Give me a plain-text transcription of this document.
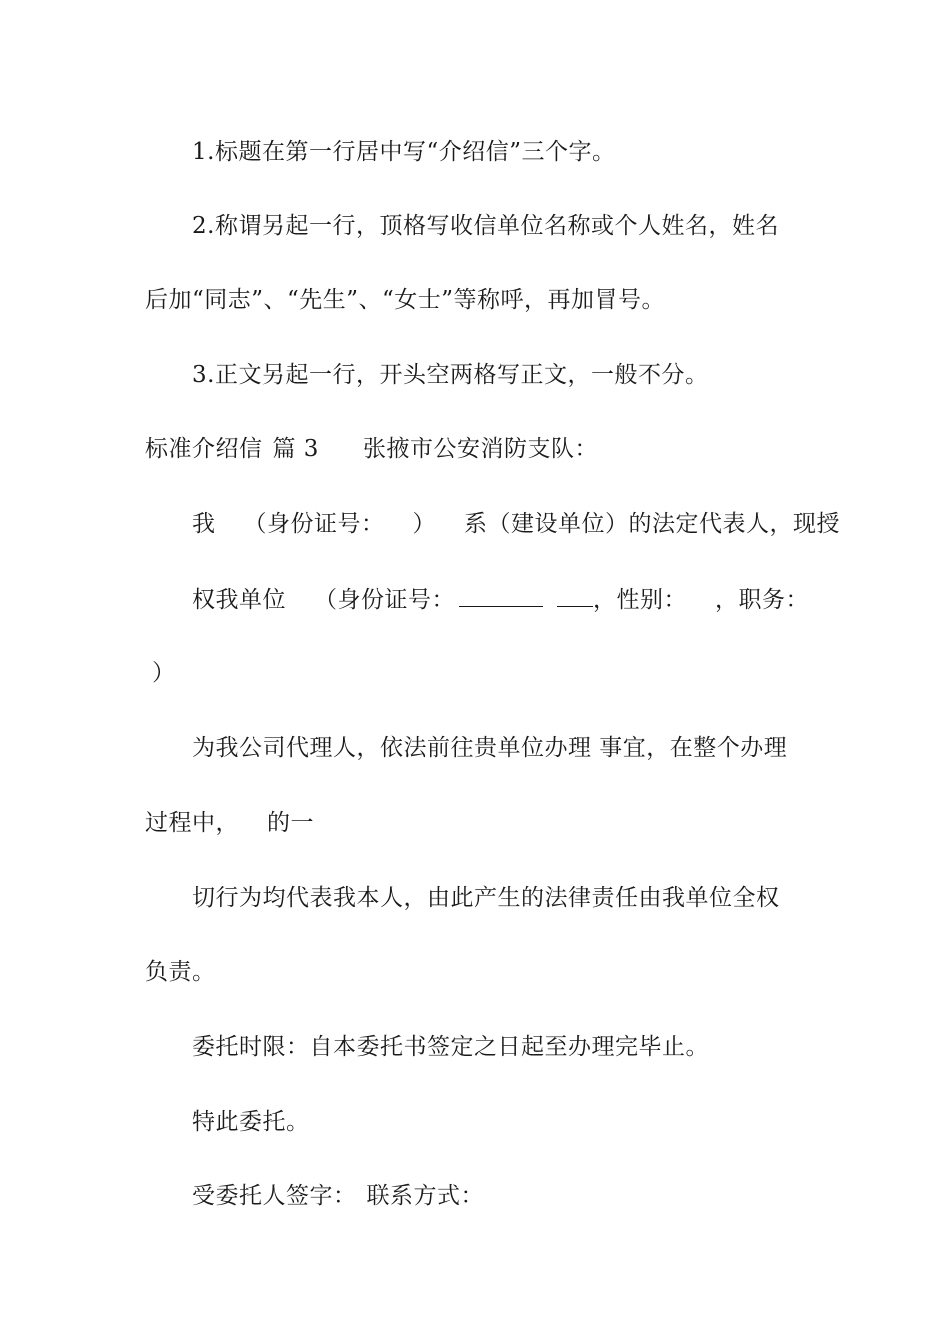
1.标题在第一行居中写“介绍信”三个字。
2.称谓另起一行，顶格写收信单位名称或个人姓名，姓名
后加“同志”、“先生”、“女士”等称呼，再加冒号。
3.正文另起一行，开头空两格写正文，一般不分。
标准介绍信 篇 3 张掖市公安消防支队：
我 （身份证号： ） 系（建设单位）的法定代表人，现授
权我单位 （身份证号：	，性别： ，职务：
）
为我公司代理人，依法前往贵单位办理 事宜，在整个办理
过程中， 的一
切行为均代表我本人，由此产生的法律责任由我单位全权
负责。
委托时限：自本委托书签定之日起至办理完毕止。
特此委托。
受委托人签字： 联系方式：
